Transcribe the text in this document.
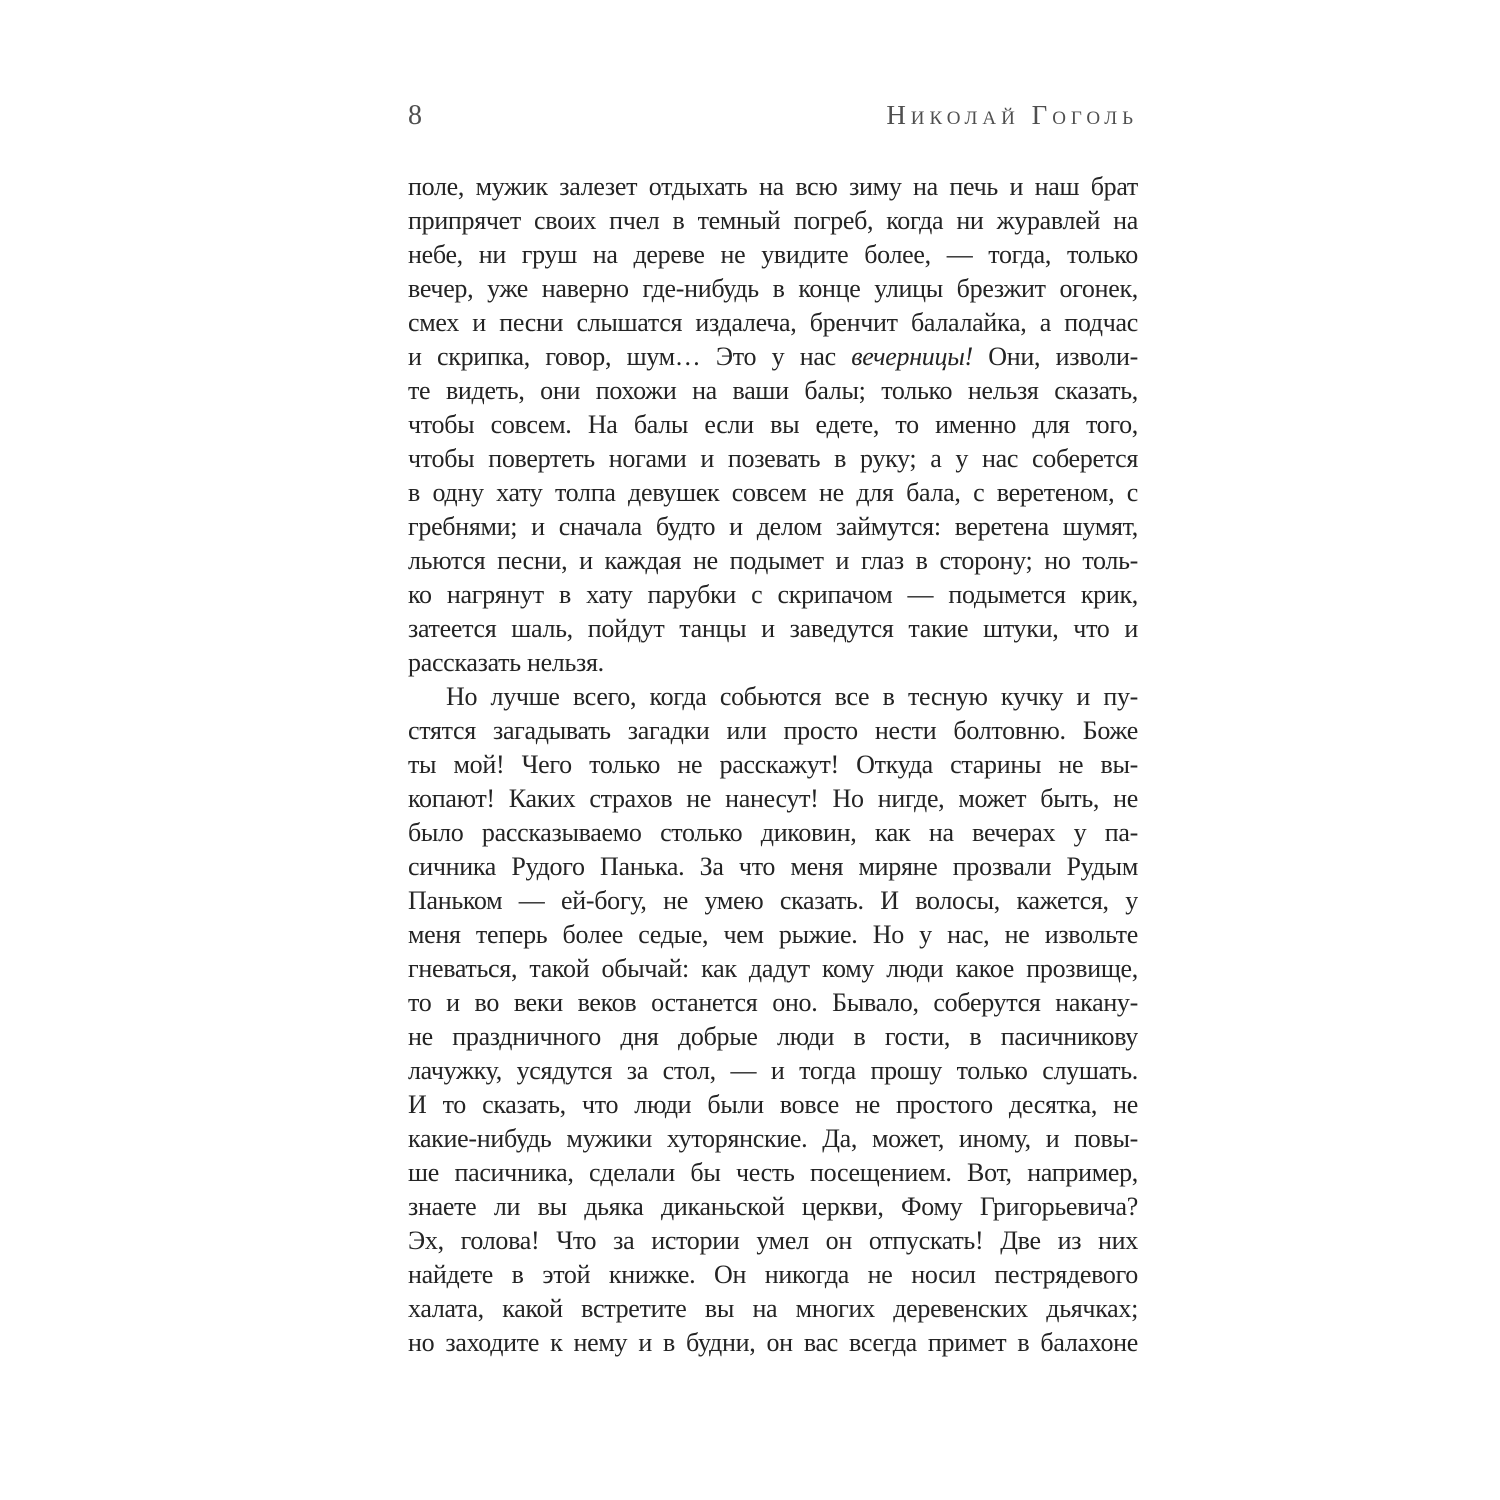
8	Николай Гоголь
поле, мужик залезет отдыхать на всю зиму на печь и наш брат
припрячет своих пчел в темный погреб, когда ни журавлей на
небе, ни груш на дереве не увидите более, — тогда, только
вечер, уже наверно где-нибудь в конце улицы брезжит огонек,
смех и песни слышатся издалеча, бренчит балалайка, а подчас
и скрипка, говор, шум… Это у нас вечерницы! Они, изволи-
те видеть, они похожи на ваши балы; только нельзя сказать,
чтобы совсем. На балы если вы едете, то именно для того,
чтобы повертеть ногами и позевать в руку; а у нас соберется
в одну хату толпа девушек совсем не для бала, с веретеном, с
гребнями; и сначала будто и делом займутся: веретена шумят,
льются песни, и каждая не подымет и глаз в сторону; но толь-
ко нагрянут в хату парубки с скрипачом — подымется крик,
затеется шаль, пойдут танцы и заведутся такие штуки, что и
рассказать нельзя.
Но лучше всего, когда собьются все в тесную кучку и пу-
стятся загадывать загадки или просто нести болтовню. Боже
ты мой! Чего только не расскажут! Откуда старины не вы-
копают! Каких страхов не нанесут! Но нигде, может быть, не
было рассказываемо столько диковин, как на вечерах у па-
сичника Рудого Панька. За что меня миряне прозвали Рудым
Паньком — ей-богу, не умею сказать. И волосы, кажется, у
меня теперь более седые, чем рыжие. Но у нас, не извольте
гневаться, такой обычай: как дадут кому люди какое прозвище,
то и во веки веков останется оно. Бывало, соберутся накану-
не праздничного дня добрые люди в гости, в пасичникову
лачужку, усядутся за стол, — и тогда прошу только слушать.
И то сказать, что люди были вовсе не простого десятка, не
какие-нибудь мужики хуторянские. Да, может, иному, и повы-
ше пасичника, сделали бы честь посещением. Вот, например,
знаете ли вы дьяка диканьской церкви, Фому Григорьевича?
Эх, голова! Что за истории умел он отпускать! Две из них
найдете в этой книжке. Он никогда не носил пестрядевого
халата, какой встретите вы на многих деревенских дьячках;
но заходите к нему и в будни, он вас всегда примет в балахоне
